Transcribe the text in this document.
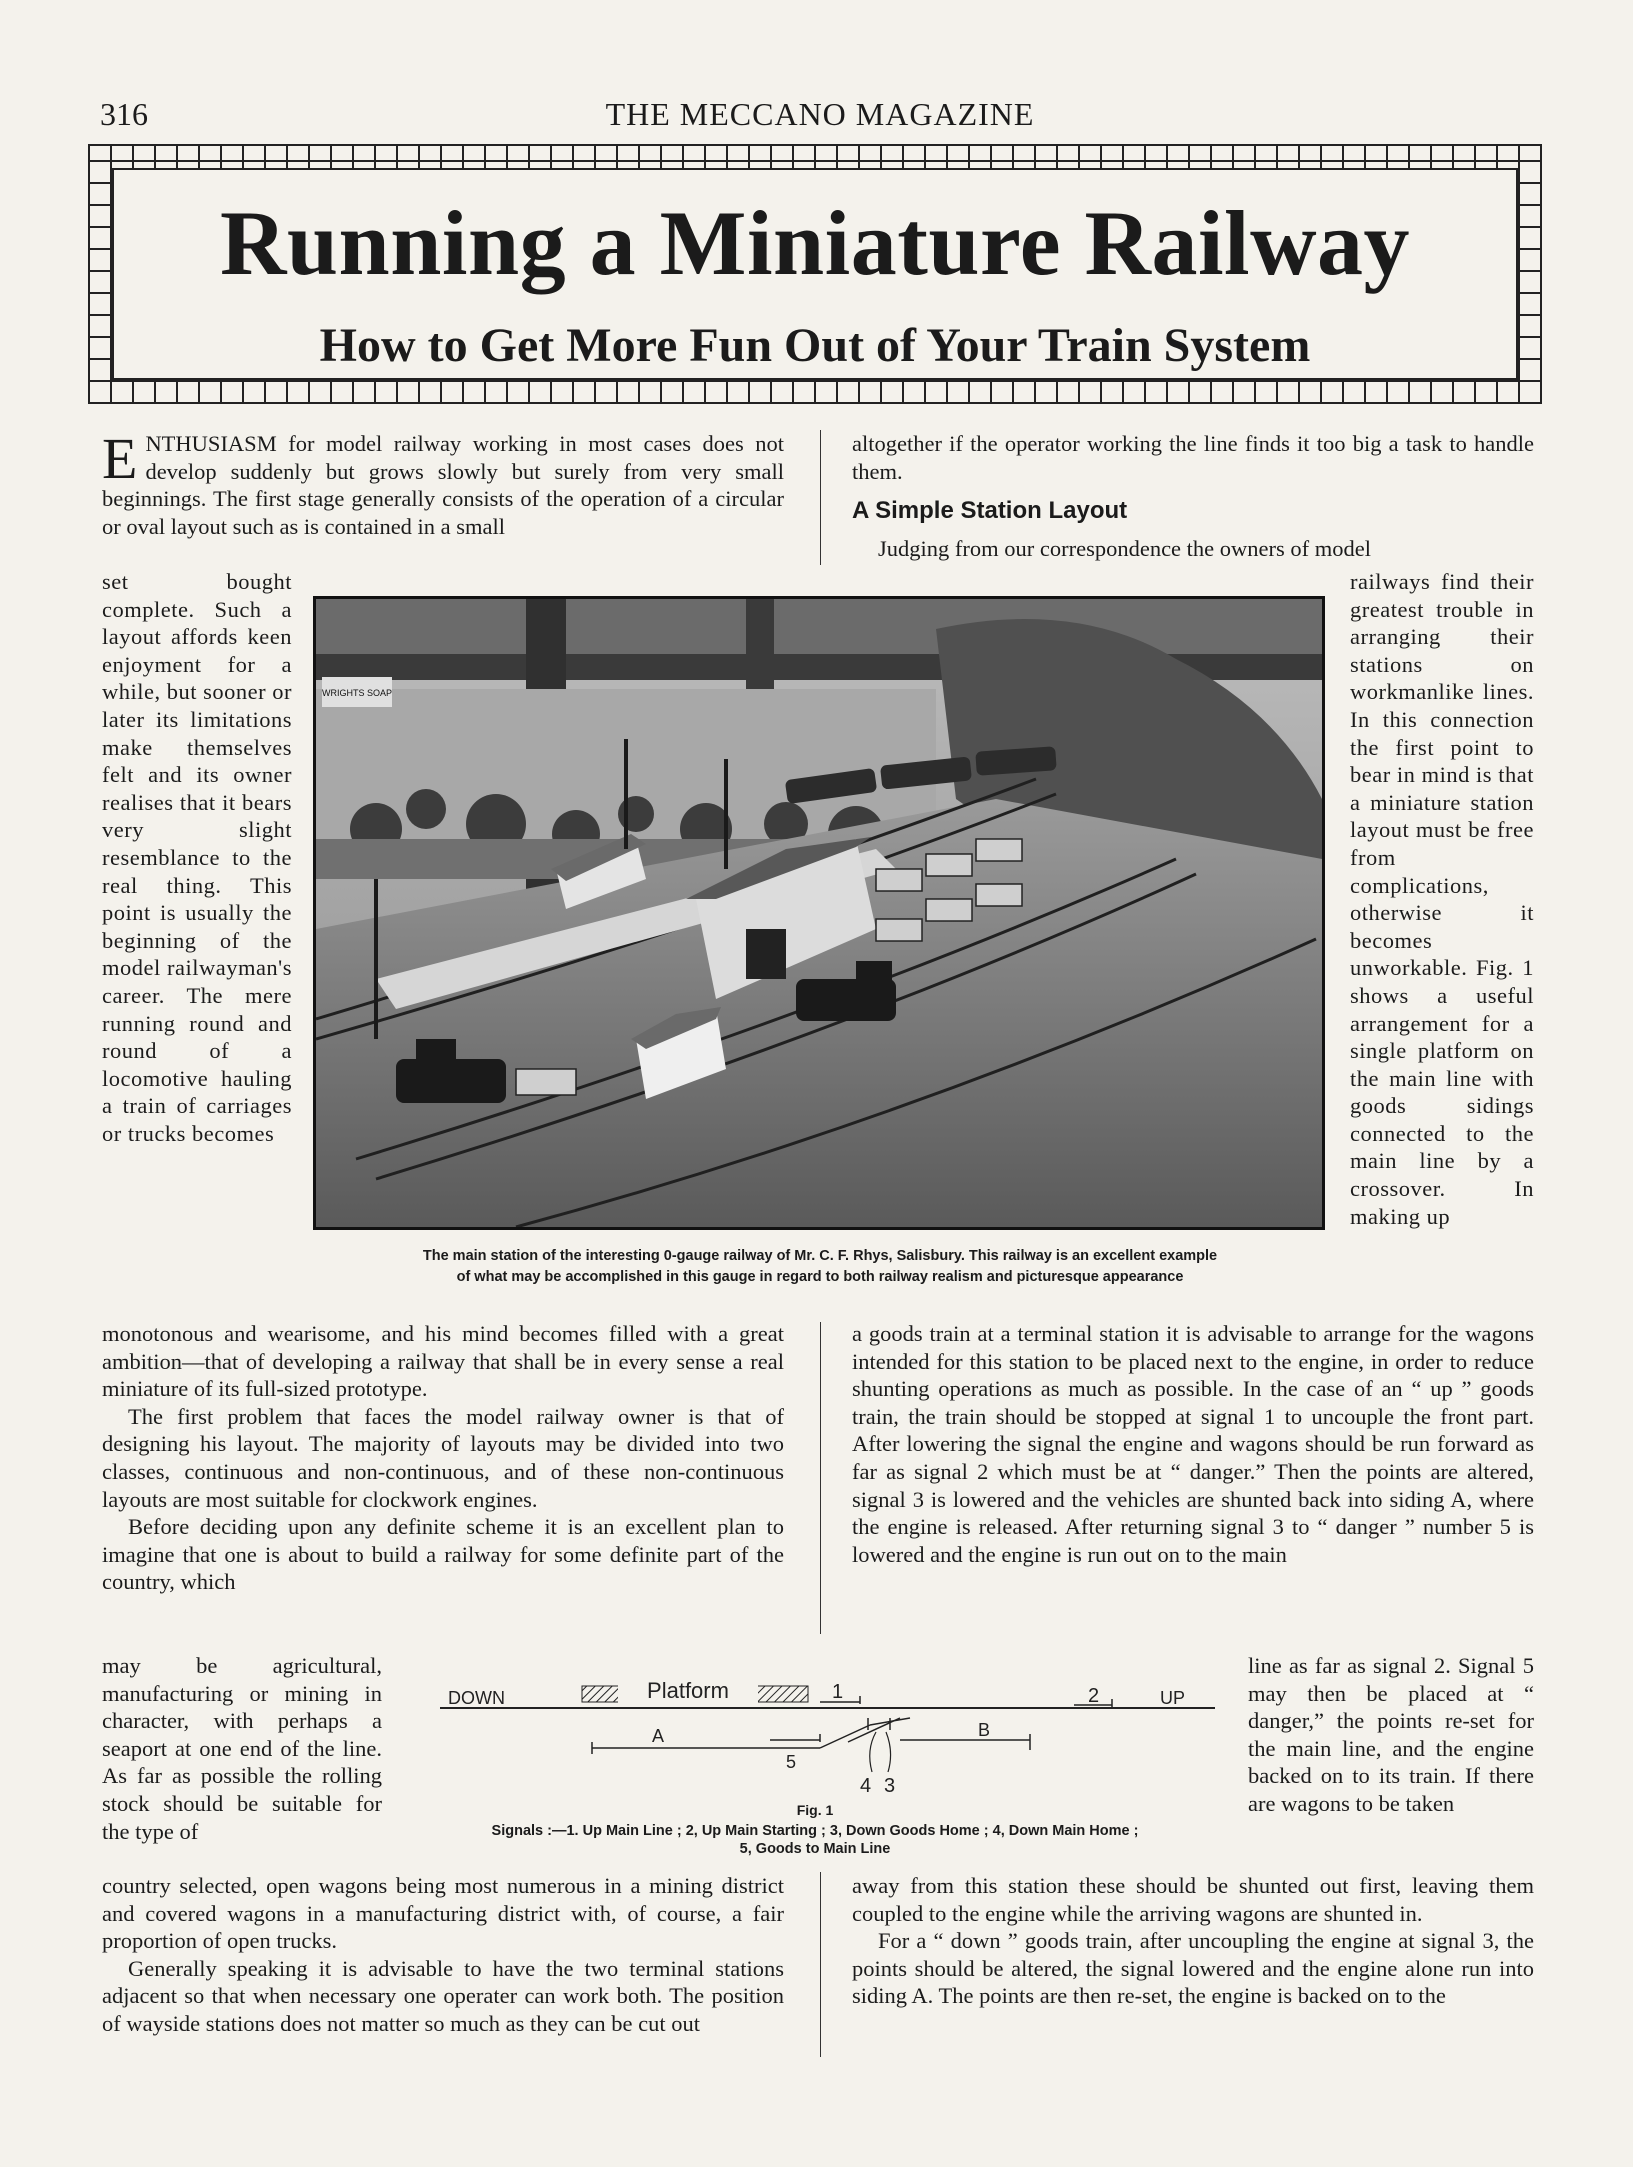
316	THE MECCANO MAGAZINE
Running a Miniature Railway
How to Get More Fun Out of Your Train System

ENTHUSIASM for model railway working in most cases does not develop suddenly but grows slowly but surely from very small beginnings. The first stage generally consists of the operation of a circular or oval layout such as is contained in a small

set bought complete. Such a layout affords keen enjoyment for a while, but sooner or later its limitations make themselves felt and its owner realises that it bears very slight resemblance to the real thing. This point is usually the beginning of the model railwayman's career. The mere running round and round of a locomotive hauling a train of carriages or trucks becomes

monotonous and wearisome, and his mind becomes filled with a great ambition—that of developing a railway that shall be in every sense a real miniature of its full-sized prototype.

The first problem that faces the model railway owner is that of designing his layout. The majority of layouts may be divided into two classes, continuous and non-continuous, and of these non-continuous layouts are most suitable for clockwork engines.

Before deciding upon any definite scheme it is an excellent plan to imagine that one is about to build a railway for some definite part of the country, which

may be agricultural, manufacturing or mining in character, with perhaps a seaport at one end of the line. As far as possible the rolling stock should be suitable for the type of

country selected, open wagons being most numerous in a mining district and covered wagons in a manufacturing district with, of course, a fair proportion of open trucks.

Generally speaking it is advisable to have the two terminal stations adjacent so that when necessary one operater can work both. The position of wayside stations does not matter so much as they can be cut out

altogether if the operator working the line finds it too big a task to handle them.

A Simple Station Layout

Judging from our correspondence the owners of model

railways find their greatest trouble in arranging their stations on workmanlike lines. In this connection the first point to bear in mind is that a miniature station layout must be free from complications, otherwise it becomes unworkable. Fig. 1 shows a useful arrangement for a single platform on the main line with goods sidings connected to the main line by a crossover. In making up

a goods train at a terminal station it is advisable to arrange for the wagons intended for this station to be placed next to the engine, in order to reduce shunting operations as much as possible. In the case of an “ up ” goods train, the train should be stopped at signal 1 to uncouple the front part. After lowering the signal the engine and wagons should be run forward as far as signal 2 which must be at “ danger.” Then the points are altered, signal 3 is lowered and the vehicles are shunted back into siding A, where the engine is released. After returning signal 3 to “ danger ” number 5 is lowered and the engine is run out on to the main

line as far as signal 2. Signal 5 may then be placed at “ danger,” the points re-set for the main line, and the engine backed on to its train. If there are wagons to be taken

away from this station these should be shunted out first, leaving them coupled to the engine while the arriving wagons are shunted in.

For a “ down ” goods train, after uncoupling the engine at signal 3, the points should be altered, the signal lowered and the engine alone run into siding A. The points are then re-set, the engine is backed on to the

WRIGHTS SOAP
The main station of the interesting 0-gauge railway of Mr. C. F. Rhys, Salisbury. This railway is an excellent example
of what may be accomplished in this gauge in regard to both railway realism and picturesque appearance
Platform
DOWN	UP
1	2
A
5
B
4 3
Fig. 1
Signals :—1. Up Main Line ; 2, Up Main Starting ; 3, Down Goods Home ; 4, Down Main Home ;
5, Goods to Main Line
